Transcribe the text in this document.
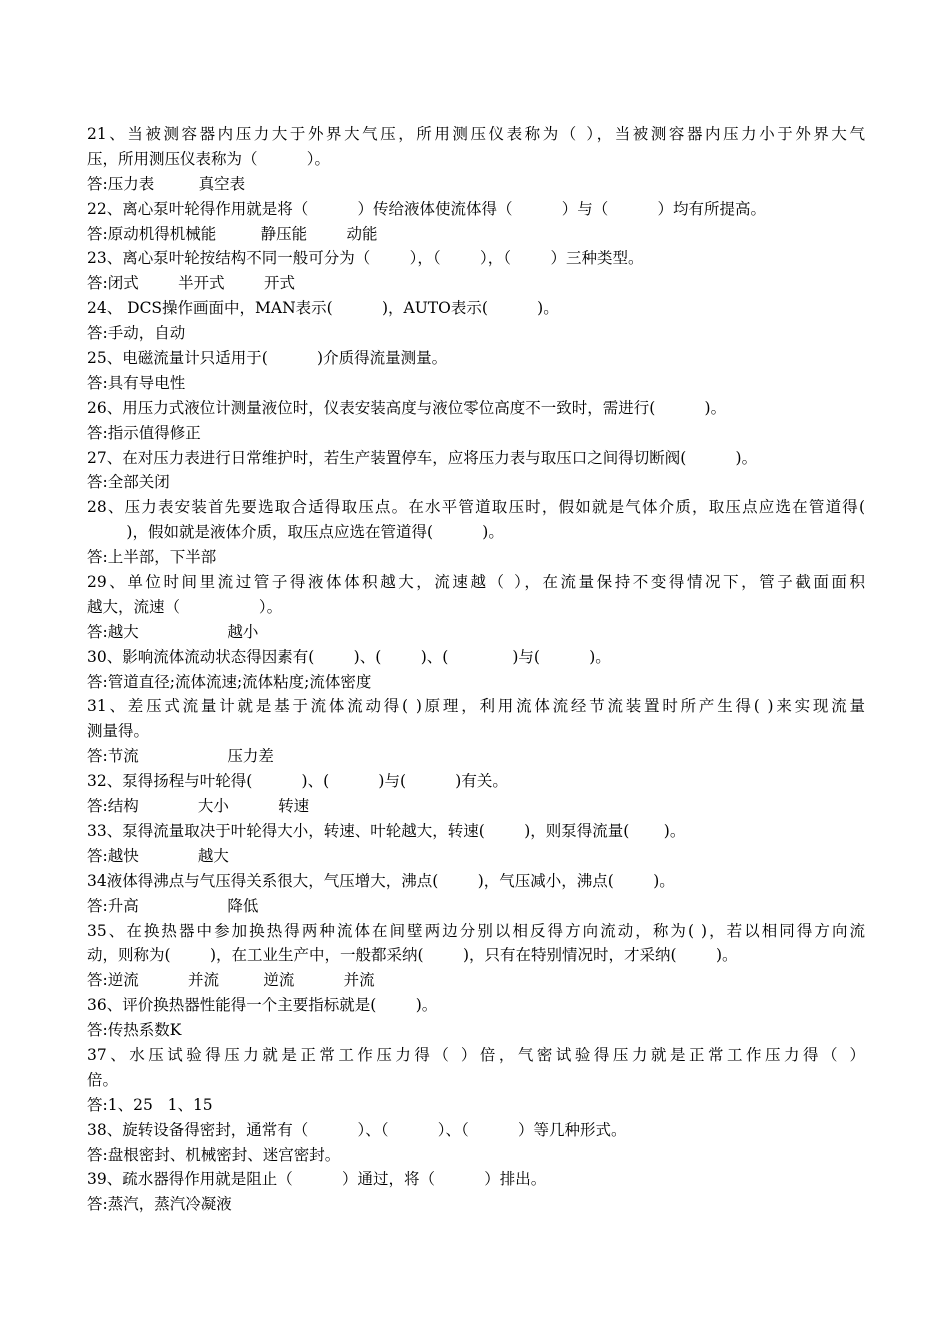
21、当被测容器内压力大于外界大气压，所用测压仪表称为（ ），当被测容器内压力小于外界大气
压，所用测压仪表称为（          ）。
答:压力表         真空表
22、离心泵叶轮得作用就是将（          ）传给液体使流体得（          ）与（          ）均有所提高。
答:原动机得机械能         静压能        动能
23、离心泵叶轮按结构不同一般可分为（        ），（        ），（        ）三种类型。
答:闭式        半开式        开式
24、 DCS操作画面中，MAN表示(          )，AUTO表示(          )。
答:手动，自动
25、电磁流量计只适用于(          )介质得流量测量。
答:具有导电性
26、用压力式液位计测量液位时，仪表安装高度与液位零位高度不一致时，需进行(          )。
答:指示值得修正
27、在对压力表进行日常维护时，若生产装置停车，应将压力表与取压口之间得切断阀(          )。
答:全部关闭
28、压力表安装首先要选取合适得取压点。在水平管道取压时，假如就是气体介质，取压点应选在管道得(
)，假如就是液体介质，取压点应选在管道得(          )。
答:上半部，下半部
29、单位时间里流过管子得液体体积越大，流速越（ ），在流量保持不变得情况下，管子截面面积
越大，流速（                ）。
答:越大                  越小
30、影响流体流动状态得因素有(        )、(        )、(             )与(          )。
答:管道直径;流体流速;流体粘度;流体密度
31、差压式流量计就是基于流体流动得( )原理，利用流体流经节流装置时所产生得( )来实现流量
测量得。
答:节流                  压力差
32、泵得扬程与叶轮得(          )、(          )与(          )有关。
答:结构            大小          转速
33、泵得流量取决于叶轮得大小，转速、叶轮越大，转速(        )，则泵得流量(       )。
答:越快            越大
34液体得沸点与气压得关系很大，气压增大，沸点(        )，气压减小，沸点(        )。
答:升高                  降低
35、在换热器中参加换热得两种流体在间壁两边分别以相反得方向流动，称为( )，若以相同得方向流
动，则称为(        )，在工业生产中，一般都采纳(        )，只有在特别情况时，才采纳(        )。
答:逆流          并流         逆流          并流
36、评价换热器性能得一个主要指标就是(        )。
答:传热系数K
37、水压试验得压力就是正常工作压力得（ ）倍，气密试验得压力就是正常工作压力得（ ）
倍。
答:1、25   1、15
38、旋转设备得密封，通常有（          ）、（          ）、（          ）等几种形式。
答:盘根密封、机械密封、迷宫密封。
39、疏水器得作用就是阻止（          ）通过，将（          ）排出。
答:蒸汽，蒸汽冷凝液
